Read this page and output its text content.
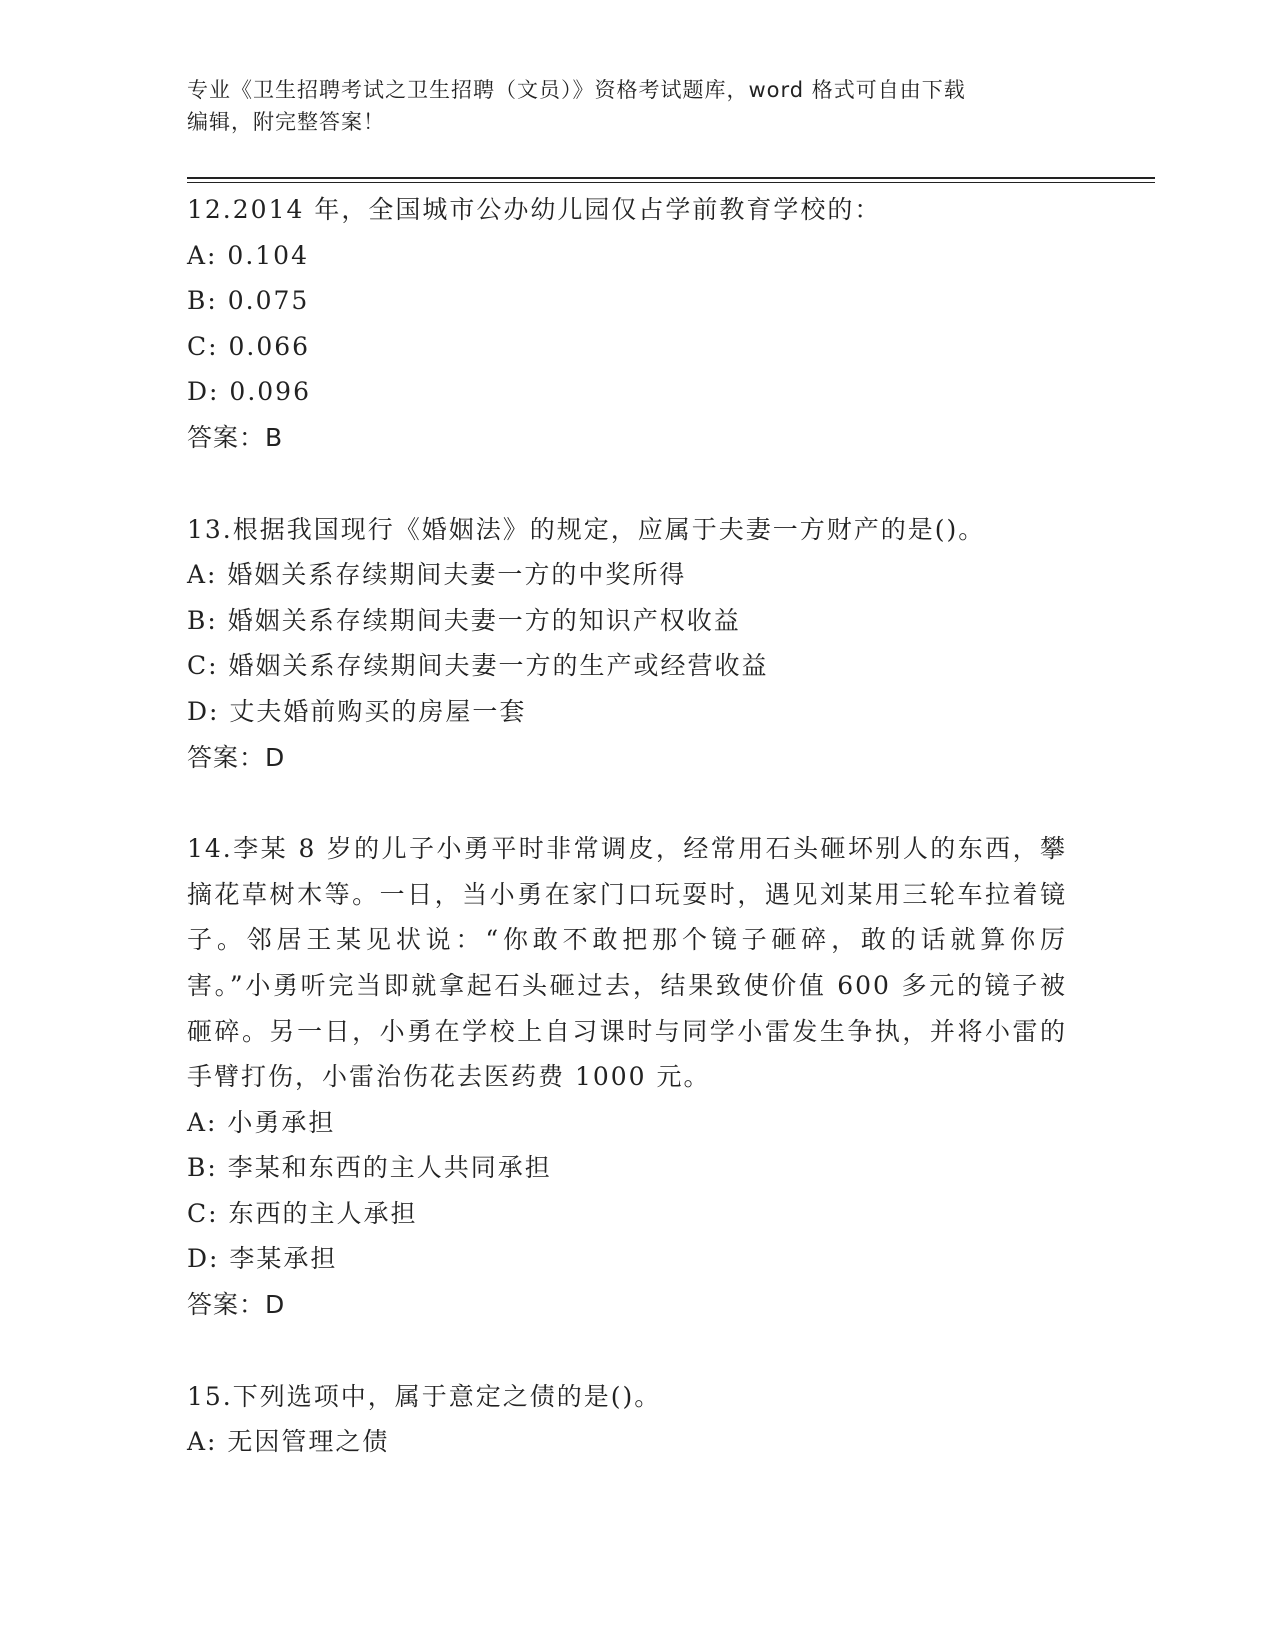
专业《卫生招聘考试之卫生招聘（文员）》资格考试题库，word 格式可自由下载
编辑，附完整答案！
12.2014 年，全国城市公办幼儿园仅占学前教育学校的：
A: 0.104
B: 0.075
C: 0.066
D: 0.096
答案：B
13.根据我国现行《婚姻法》的规定，应属于夫妻一方财产的是()。
A: 婚姻关系存续期间夫妻一方的中奖所得
B: 婚姻关系存续期间夫妻一方的知识产权收益
C: 婚姻关系存续期间夫妻一方的生产或经营收益
D: 丈夫婚前购买的房屋一套
答案：D
14.李某 8 岁的儿子小勇平时非常调皮，经常用石头砸坏别人的东西，攀摘花草树木等。一日，当小勇在家门口玩耍时，遇见刘某用三轮车拉着镜子。邻居王某见状说：“你敢不敢把那个镜子砸碎，敢的话就算你厉害。”小勇听完当即就拿起石头砸过去，结果致使价值 600 多元的镜子被砸碎。另一日，小勇在学校上自习课时与同学小雷发生争执，并将小雷的手臂打伤，小雷治伤花去医药费 1000 元。
A: 小勇承担
B: 李某和东西的主人共同承担
C: 东西的主人承担
D: 李某承担
答案：D
15.下列选项中，属于意定之债的是()。
A: 无因管理之债
